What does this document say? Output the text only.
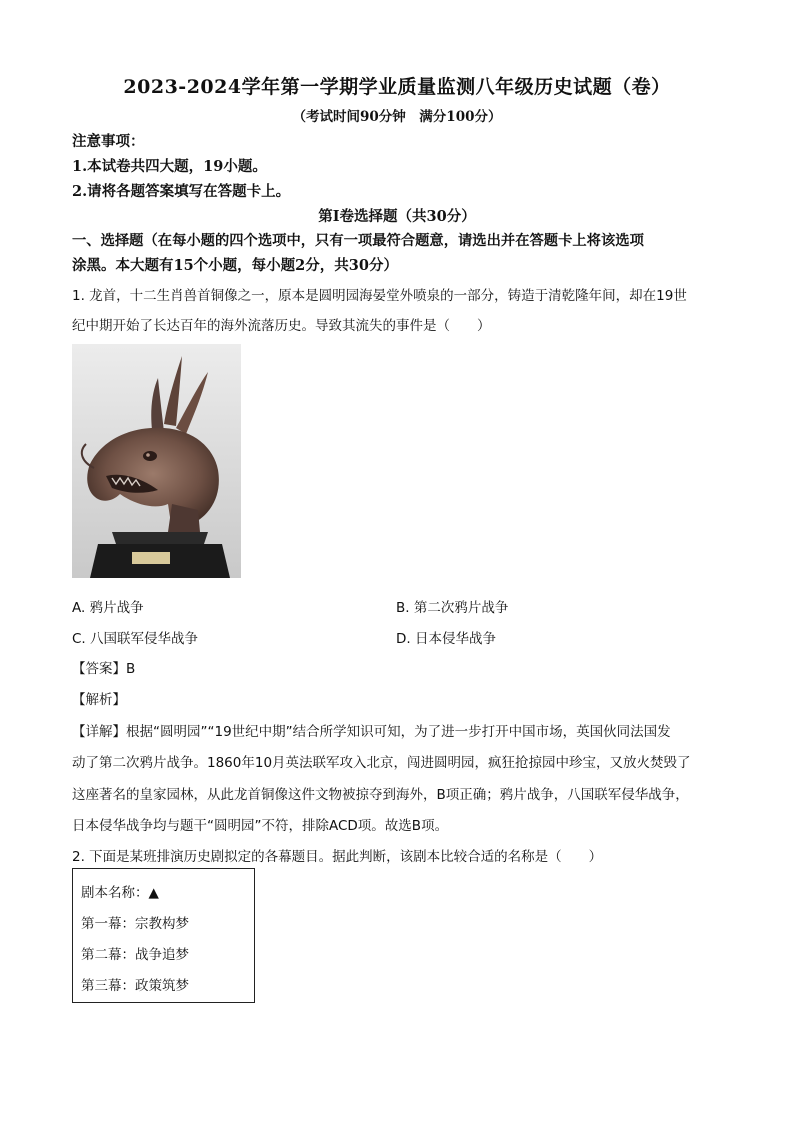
2023-2024学年第一学期学业质量监测八年级历史试题（卷）
（考试时间90分钟　满分100分）
注意事项：
1.本试卷共四大题，19小题。
2.请将各题答案填写在答题卡上。
第Ⅰ卷选择题（共30分）
一、选择题（在每小题的四个选项中，只有一项最符合题意，请选出并在答题卡上将该选项
涂黑。本大题有15个小题，每小题2分，共30分）
1. 龙首，十二生肖兽首铜像之一，原本是圆明园海晏堂外喷泉的一部分，铸造于清乾隆年间，却在19世
纪中期开始了长达百年的海外流落历史。导致其流失的事件是（　　）
A. 鸦片战争	B. 第二次鸦片战争
C. 八国联军侵华战争	D. 日本侵华战争
【答案】B
【解析】
【详解】根据“圆明园”“19世纪中期”结合所学知识可知，为了进一步打开中国市场，英国伙同法国发
动了第二次鸦片战争。1860年10月英法联军攻入北京，闯进圆明园，疯狂抢掠园中珍宝，又放火焚毁了
这座著名的皇家园林，从此龙首铜像这件文物被掠夺到海外，B项正确；鸦片战争，八国联军侵华战争，
日本侵华战争均与题干“圆明园”不符，排除ACD项。故选B项。
2. 下面是某班排演历史剧拟定的各幕题目。据此判断，该剧本比较合适的名称是（　　）
剧本名称：▲
第一幕：宗教构梦
第二幕：战争追梦
第三幕：政策筑梦
